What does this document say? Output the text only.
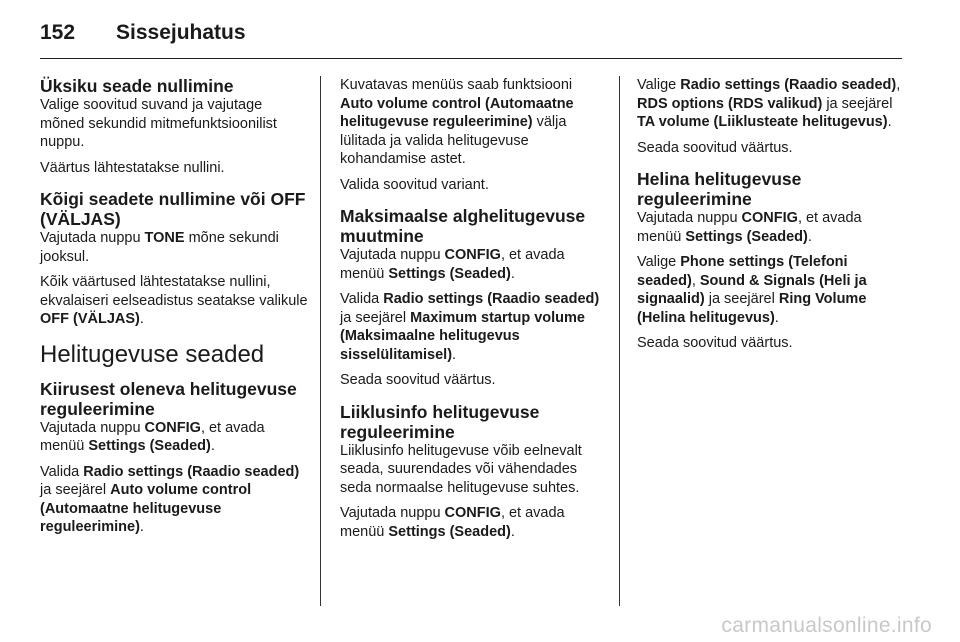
152	Sissejuhatus
Üksiku seade nullimine

Valige soovitud suvand ja vajutage mõned sekundid mitmefunktsioonilist nuppu.

Väärtus lähtestatakse nullini.

Kõigi seadete nullimine või OFF (VÄLJAS)

Vajutada nuppu TONE mõne sekundi jooksul.

Kõik väärtused lähtestatakse nullini, ekvalaiseri eelseadistus seatakse valikule OFF (VÄLJAS).

Helitugevuse seaded
Kiirusest oleneva helitugevuse reguleerimine

Vajutada nuppu CONFIG, et avada menüü Settings (Seaded).

Valida Radio settings (Raadio seaded) ja seejärel Auto volume control (Automaatne helitugevuse reguleerimine).

Kuvatavas menüüs saab funktsiooni Auto volume control (Automaatne helitugevuse reguleerimine) välja lülitada ja valida helitugevuse kohandamise astet.

Valida soovitud variant.

Maksimaalse alghelitugevuse muutmine

Vajutada nuppu CONFIG, et avada menüü Settings (Seaded).

Valida Radio settings (Raadio seaded) ja seejärel Maximum startup volume (Maksimaalne helitugevus sisselülitamisel).

Seada soovitud väärtus.

Liiklusinfo helitugevuse reguleerimine

Liiklusinfo helitugevuse võib eelnevalt seada, suurendades või vähendades seda normaalse helitugevuse suhtes.

Vajutada nuppu CONFIG, et avada menüü Settings (Seaded).

Valige Radio settings (Raadio seaded), RDS options (RDS valikud) ja seejärel TA volume (Liiklusteate helitugevus).

Seada soovitud väärtus.

Helina helitugevuse reguleerimine

Vajutada nuppu CONFIG, et avada menüü Settings (Seaded).

Valige Phone settings (Telefoni seaded), Sound & Signals (Heli ja signaalid) ja seejärel Ring Volume (Helina helitugevus).

Seada soovitud väärtus.

carmanualsonline.info
